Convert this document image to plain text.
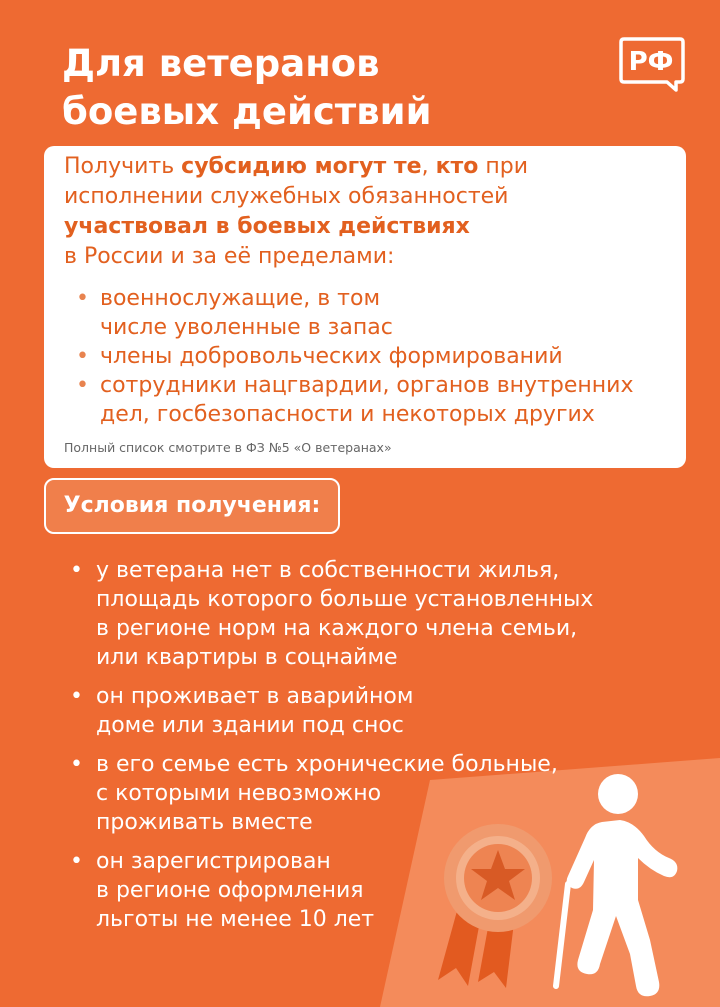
Для ветеранов
боевых действий
РФ

Получить субсидию могут те, кто при
исполнении служебных обязанностей
участвовал в боевых действиях
в России и за её пределами:

• военнослужащие, в том
числе уволенные в запас
• члены добровольческих формирований
• сотрудники нацгвардии, органов внутренних
дел, госбезопасности и некоторых других

Полный список смотрите в ФЗ №5 «О ветеранах»

Условия получения:
• у ветерана нет в собственности жилья,
площадь которого больше установленных
в регионе норм на каждого члена семьи,
или квартиры в соцнайме
• он проживает в аварийном
доме или здании под снос
• в его семье есть хронические больные,
с которыми невозможно
проживать вместе
• он зарегистрирован
в регионе оформления
льготы не менее 10 лет
